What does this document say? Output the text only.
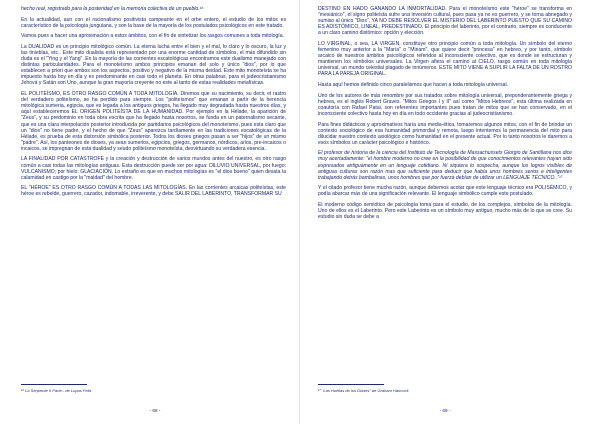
hecho real, registrado para la posteridad en la memoria colectiva de un pueblo.¹⁶

En la actualidad, aun con el racionalismo positivista campeante en el orbe entero, el estudio de los mitos es característico de la psicología junguiana, y son la base de la mayoría de los postulados psicológicos en este tratado.

Vamos pues a hacer una aproximación a estos ámbitos, con el fin de sintetizar los rasgos comunes a toda mitología.

La DUALIDAD es un principio mitológico común. La eterna lucha entre el bien y el mal, lo claro y lo oscuro, la luz y las tinieblas, etc.. Este mito dualista está representado por una enorme cantidad de símbolos, el más difundido sin duda es el "Ying y el Yang". En la mayoría de las corrientes escatológicas encontramos este dualismo manejado con distintas particularidades. Para el monoteísmo ambos principios emanan del solo y único "dios", por lo que establecen a priori que ambos son los aspectos, positivo y negativo de la misma deidad. Este mito monoteísta se ha impuesto hasta hoy en día y es predominante en casi todo el planeta. En otras palabras, para el judeocristianismo Jehová y Satán son Uno, aunque la gran mayoría creyente no este al tanto de estas realidades metafísicas.

EL POLITEÍSMO, ES OTRO RASGO COMÚN A TODA MITOLOGÍA. Diremos que su nacimiento, su decir, el rastro del verdadero politeísmo, se ha perdido para siempre. Los "politeísmos" que emanan a partir de la herencia mitológica sumeria, egipcia, que es legada a los antiguos griegos, ha llegado muy degradada hasta nuestros días, y aquí estableceremos EL ORIGEN POLITEÍSTA DE LA HUMANIDAD. Por ejemplo en la Hélade, la aparición de "Zeus", y su predominio en toda obra escrita que ha llegado hasta nosotros, se funda en un paternalismo secante, que es una clara interpolación posterior introducida por partidarios psicológicos del monoteísmo, pues esta claro que un "dios" no tiene padre, y el hecho de que "Zeus" aparezca tardíamente en las tradiciones escatológicas de la Hélade, es prueba de esta distorsión simbólica posterior. Todos los dioses griegos pasan a ser "hijos" de un mismo "padre". Así, los panteones de dioses, ya sean sumerios, egipcios, griegos, germanos, nórdicos, arios, pre-incaicos o incaicos, se impregnan de esta dualidad y seudo politeísmo monoteísta, desvirtuando su verdadera esencia.

LA FINALIDAD POR CATÁSTROFE y la creación y destrucción de varios mundos antes del nuestro, es otro rasgo común a casi todas las mitologías antiguas. Esta destrucción puede ser por agua: DILUVIO UNIVERSAL, por fuego: VULCANISMO; por hielo: GLACIACIÓN. Lo extraño es que en muchos mitologías es "el dios bueno" quien desata la calamidad en castigo por la "maldad" del hombre.

EL "HÉROE" ES OTRO RASGO COMÚN A TODAS LAS MITOLOGÍAS. En las corrientes arcaicas politeístas, este héroe es rebelde, guerrero, cazador, indomable, irreverente, y debe SALIR DEL LABERINTO, TRANSFORMAR SU

¹⁶ La Serpiente II Parte.- de Lupus Felis
- 68 -

DESTINO EN HADO GANANDO LA INMORTALIDAD. Para el monoteísmo este "héroe" se transforma en "mesiánico", el signo politeísta sufre una inversión cultural, pues pasa ya no es guerrero, y se torna abnegado y sumiso al único "Dios", YA NO DEBE RESOLVER EL MISTERIO DEL LABERINTO PUESTO QUE SU CAMINO ES ADISTÓMICO, LINEAL, PREDESTINADO. El principio del laberinto, por el contrario, siempre es conducente a un claro camino distómico: opción y elección.

LO VIRGINAL, o sea, LA VIRGEN, constituye otro principio común a toda mitología. Un símbolo del eterno femenino muy anterior a la "María" o "Miriam", que quiere decir "princesa" en hebreo, y por tanto, símbolo arcaico de nuestros ámbitos psicológicos referidos al inconsciente colectivo, que es donde se estructuran y mantienen los símbolos universales. La Virgen afiera el camino al CIELO, rasgo común en toda mitología universal, un mundo celestial plagado de innúmeros. ESTE MITO VIENE A SUPLIR LA FALTA DE UN ROSTRO PARA LA PAREJA ORIGINAL.

Hasta aquí hemos definido cinco paralelismos que hacen a toda mitología universal.

Uno de los autores de más renombre por sus tratados sobre mitología universal, preponderantemente griega y hebrea, es el inglés Robert Graves. "Mitos Griegos I y II" así como "Mitos Hebreos", esta última realizada en coautoría con Rafael Patai, son referentes importantes pues tratan de mitos que se han conservado, en el inconsciente colectivo hasta hoy en día en todo occidente gracias al judeocristianismo.

Para fines didácticos y aproximativos haría una media-ética, tomaremos algunos mitos, con el fin de brindar un contexto sociológico de esa humanidad primordial y remota, luego intentemos la permanencia del mito para dilucidar nuestro contexto axiológico como humanidad en el presente actual. Por lo tanto nosotros le daremos a esos símbolos un carácter psicológico e histórico.

El profesor de historia de la ciencia del Instituto de Tecnología de Massachussets Giorgio de Santillana nos dice muy acertadamente: "el hombre moderno no cree en la posibilidad de que conocimientos relevantes hayan sido expresados antiguamente en un lenguaje cotidiano. Ni siquiera lo sospecha, aunque los logros visibles de antiguas culturas son razón mas que suficiente para deducir que había unos hombres serios e inteligentes trabajando detrás bambalinas, unos hombres que por fuerza debían de utilizar un LENGUAJE TÉCNICO.."¹⁷

Y el citado profesor tiene mucha razón, aunque debemos acotar que este lenguaje técnico era POLISÉMICO, y podía abarcar más de una significación relevante. El lenguaje simbólico cumple este postulado.

El moderno código semiótico de psicología toma para el estudio, de los complejos, símbolos de la mitología. Uno de ellos es el Laberinto. Pero este Laberinto es un símbolo muy antiguo, mucho más de lo que se cree. Su estudio sin duda se debe a

¹⁷ "Las Huellas de los Dioses" de Graham Hancock
- 69 -
